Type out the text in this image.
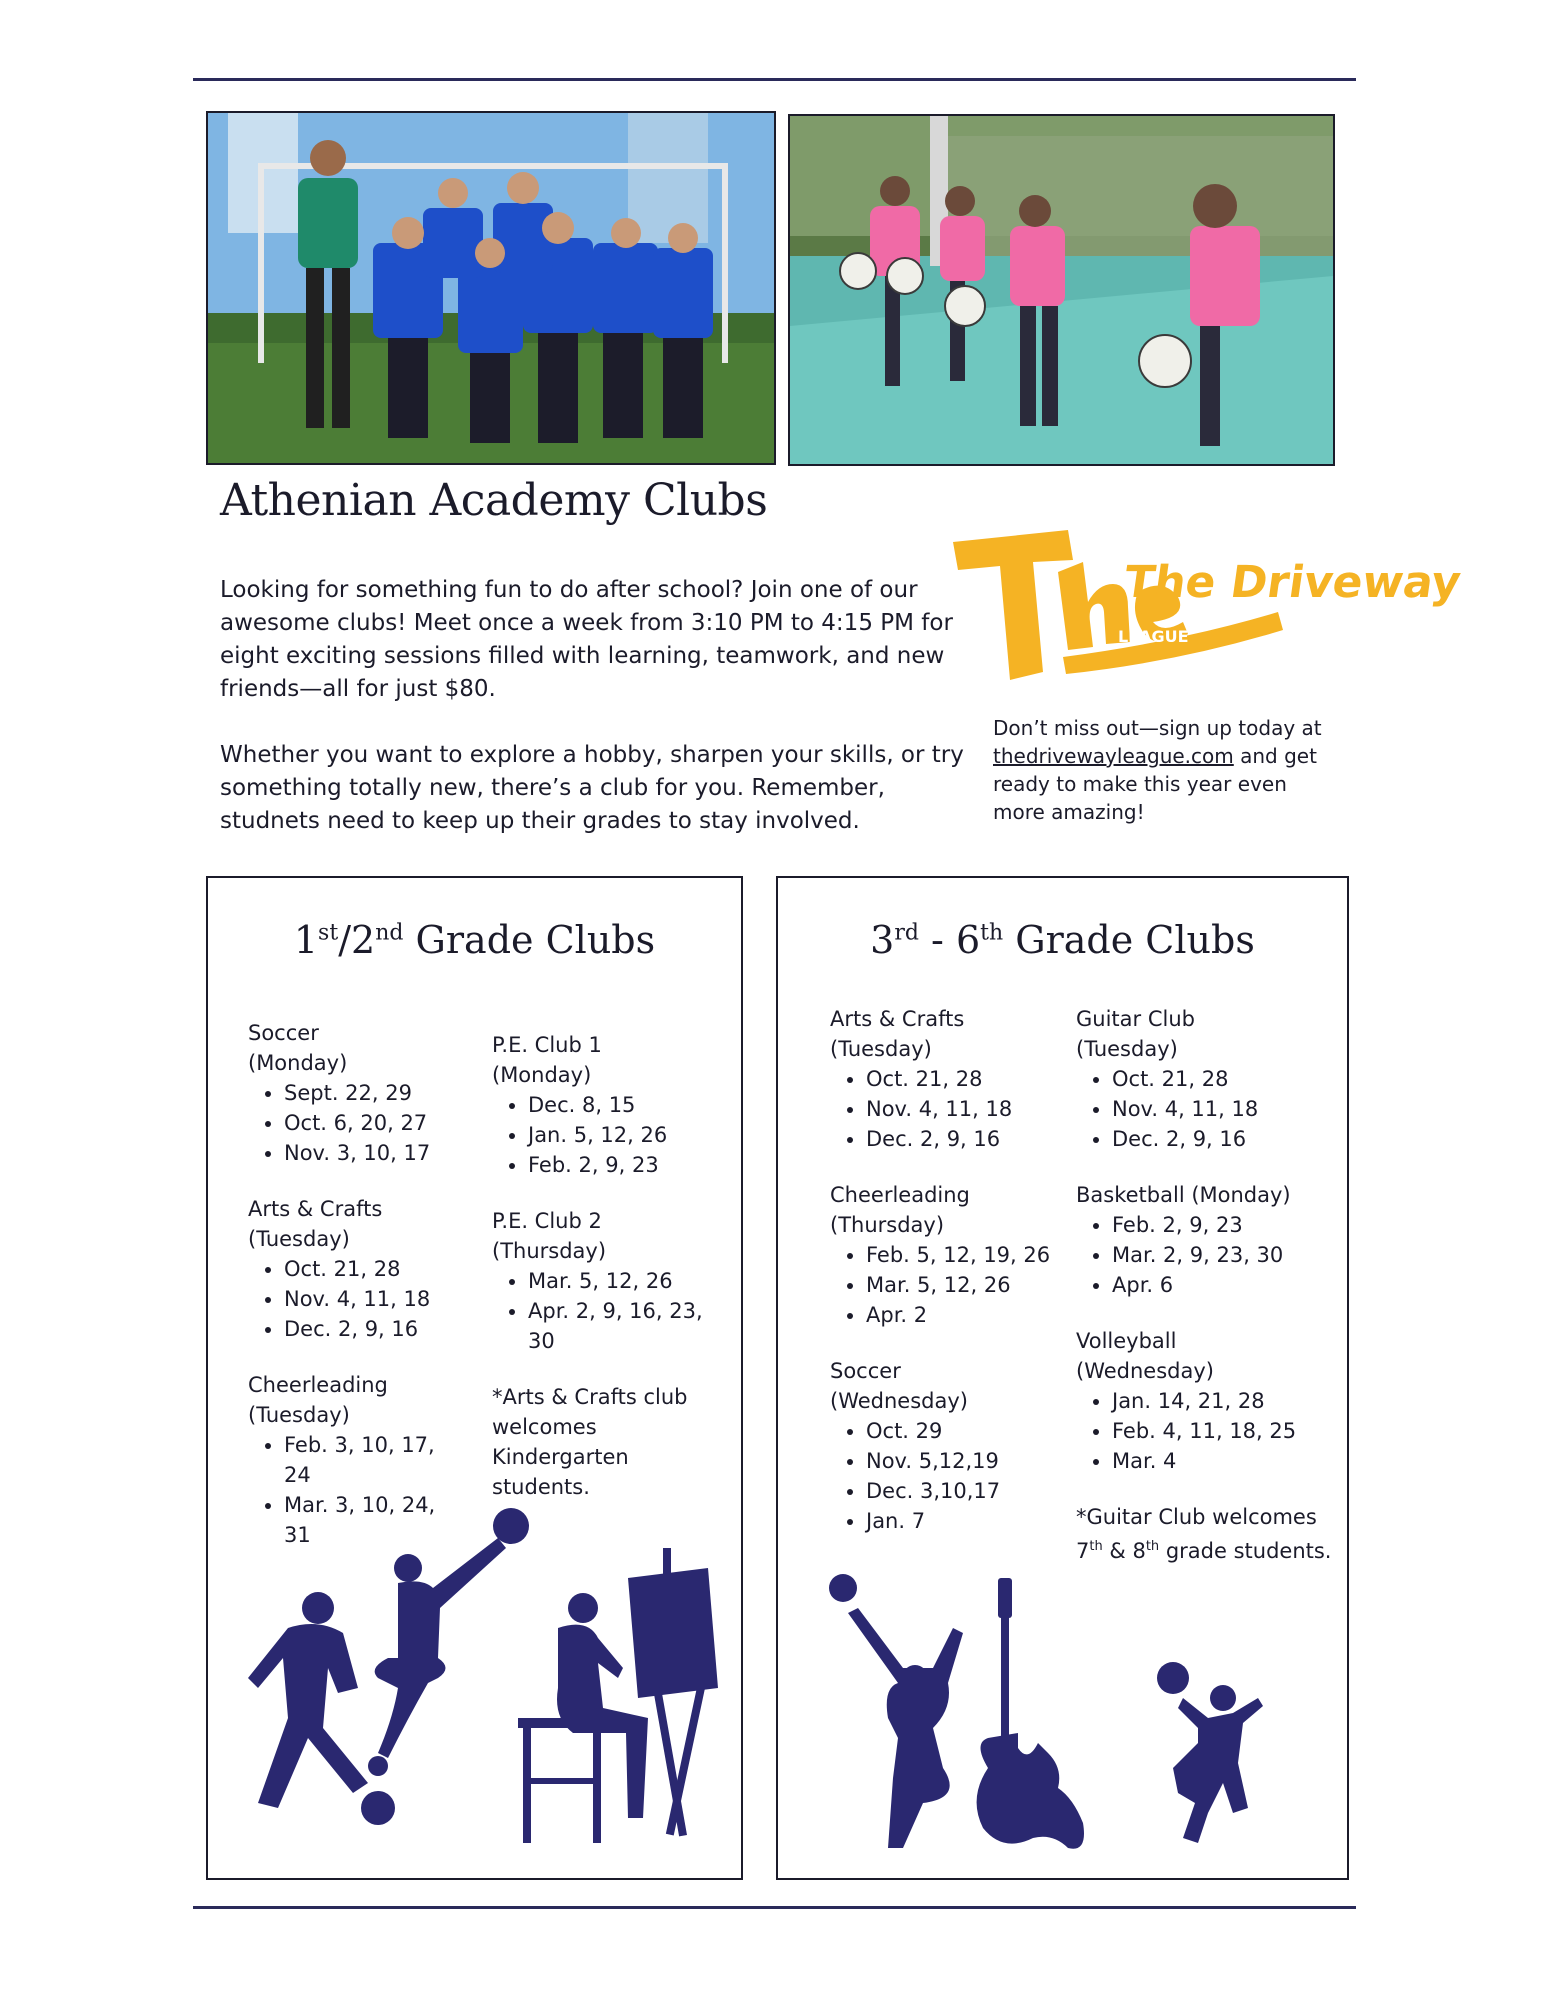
Athenian Academy Clubs

Looking for something fun to do after school? Join one of our awesome clubs! Meet once a week from 3:10 PM to 4:15 PM for eight exciting sessions filled with learning, teamwork, and new friends—all for just $80.

Whether you want to explore a hobby, sharpen your skills, or try something totally new, there’s a club for you. Remember, studnets need to keep up their grades to stay involved.

The Driveway
LEAGUE

Don’t miss out—sign up today at thedrivewayleague.com and get ready to make this year even more amazing!

1st/2nd Grade Clubs
Soccer
(Monday)
• Sept. 22, 29
• Oct. 6, 20, 27
• Nov. 3, 10, 17
Arts & Crafts
(Tuesday)
• Oct. 21, 28
• Nov. 4, 11, 18
• Dec. 2, 9, 16
Cheerleading
(Tuesday)
• Feb. 3, 10, 17, 24
• Mar. 3, 10, 24, 31
P.E. Club 1
(Monday)
• Dec. 8, 15
• Jan. 5, 12, 26
• Feb. 2, 9, 23
P.E. Club 2
(Thursday)
• Mar. 5, 12, 26
• Apr. 2, 9, 16, 23, 30
*Arts & Crafts club welcomes Kindergarten students.
3rd - 6th Grade Clubs
Arts & Crafts
(Tuesday)
• Oct. 21, 28
• Nov. 4, 11, 18
• Dec. 2, 9, 16
Cheerleading
(Thursday)
• Feb. 5, 12, 19, 26
• Mar. 5, 12, 26
• Apr. 2
Soccer
(Wednesday)
• Oct. 29
• Nov. 5,12,19
• Dec. 3,10,17
• Jan. 7
Guitar Club
(Tuesday)
• Oct. 21, 28
• Nov. 4, 11, 18
• Dec. 2, 9, 16
Basketball (Monday)
• Feb. 2, 9, 23
• Mar. 2, 9, 23, 30
• Apr. 6
Volleyball
(Wednesday)
• Jan. 14, 21, 28
• Feb. 4, 11, 18, 25
• Mar. 4
*Guitar Club welcomes 7th & 8th grade students.
